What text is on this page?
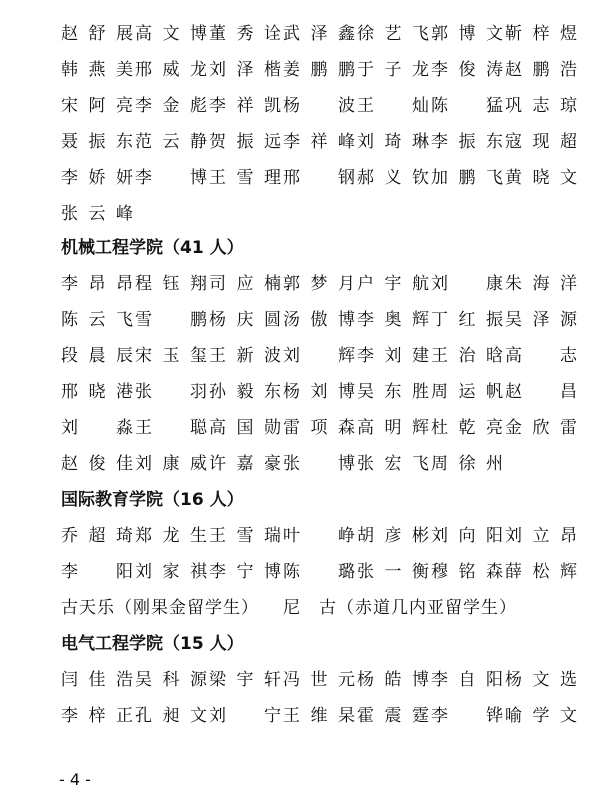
赵舒展 高文博 董秀诠 武泽鑫 徐艺飞 郭博文 靳梓煜
韩燕美 邢威龙 刘泽楷 姜鹏鹏 于子龙 李俊涛 赵鹏浩
宋阿亮 李金彪 李祥凯 杨　波 王　灿 陈　猛 巩志琼
聂振东 范云静 贺振远 李祥峰 刘琦琳 李振东 寇现超
李娇妍 李　博 王雪理 邢　钢 郝义钦 加鹏飞 黄晓文
张云峰
机械工程学院（41 人）
李昂昂 程钰翔 司应楠 郭梦月 户宇航 刘　康 朱海洋
陈云飞 雪　鹏 杨庆圆 汤傲博 李奥辉 丁红振 吴泽源
段晨辰 宋玉玺 王新波 刘　辉 李刘建 王治晗 高　志
邢晓港 张　羽 孙毅东 杨刘博 吴东胜 周运帆 赵　昌
刘　淼 王　聪 高国勋 雷项森 高明辉 杜乾亮 金欣雷
赵俊佳 刘康威 许嘉豪 张　博 张宏飞 周徐州
国际教育学院（16 人）
乔超琦 郑龙生 王雪瑞 叶　峥 胡彦彬 刘向阳 刘立昂
李　阳 刘家祺 李宁博 陈　璐 张一衡 穆铭森 薛松辉
古天乐（刚果金留学生） 尼　古（赤道几内亚留学生）
电气工程学院（15 人）
闫佳浩 吴科源 梁宇轩 冯世元 杨皓博 李自阳 杨文选
李梓正 孔昶文 刘　宁 王维杲 霍震霆 李　铧 喻学文
- 4 -
